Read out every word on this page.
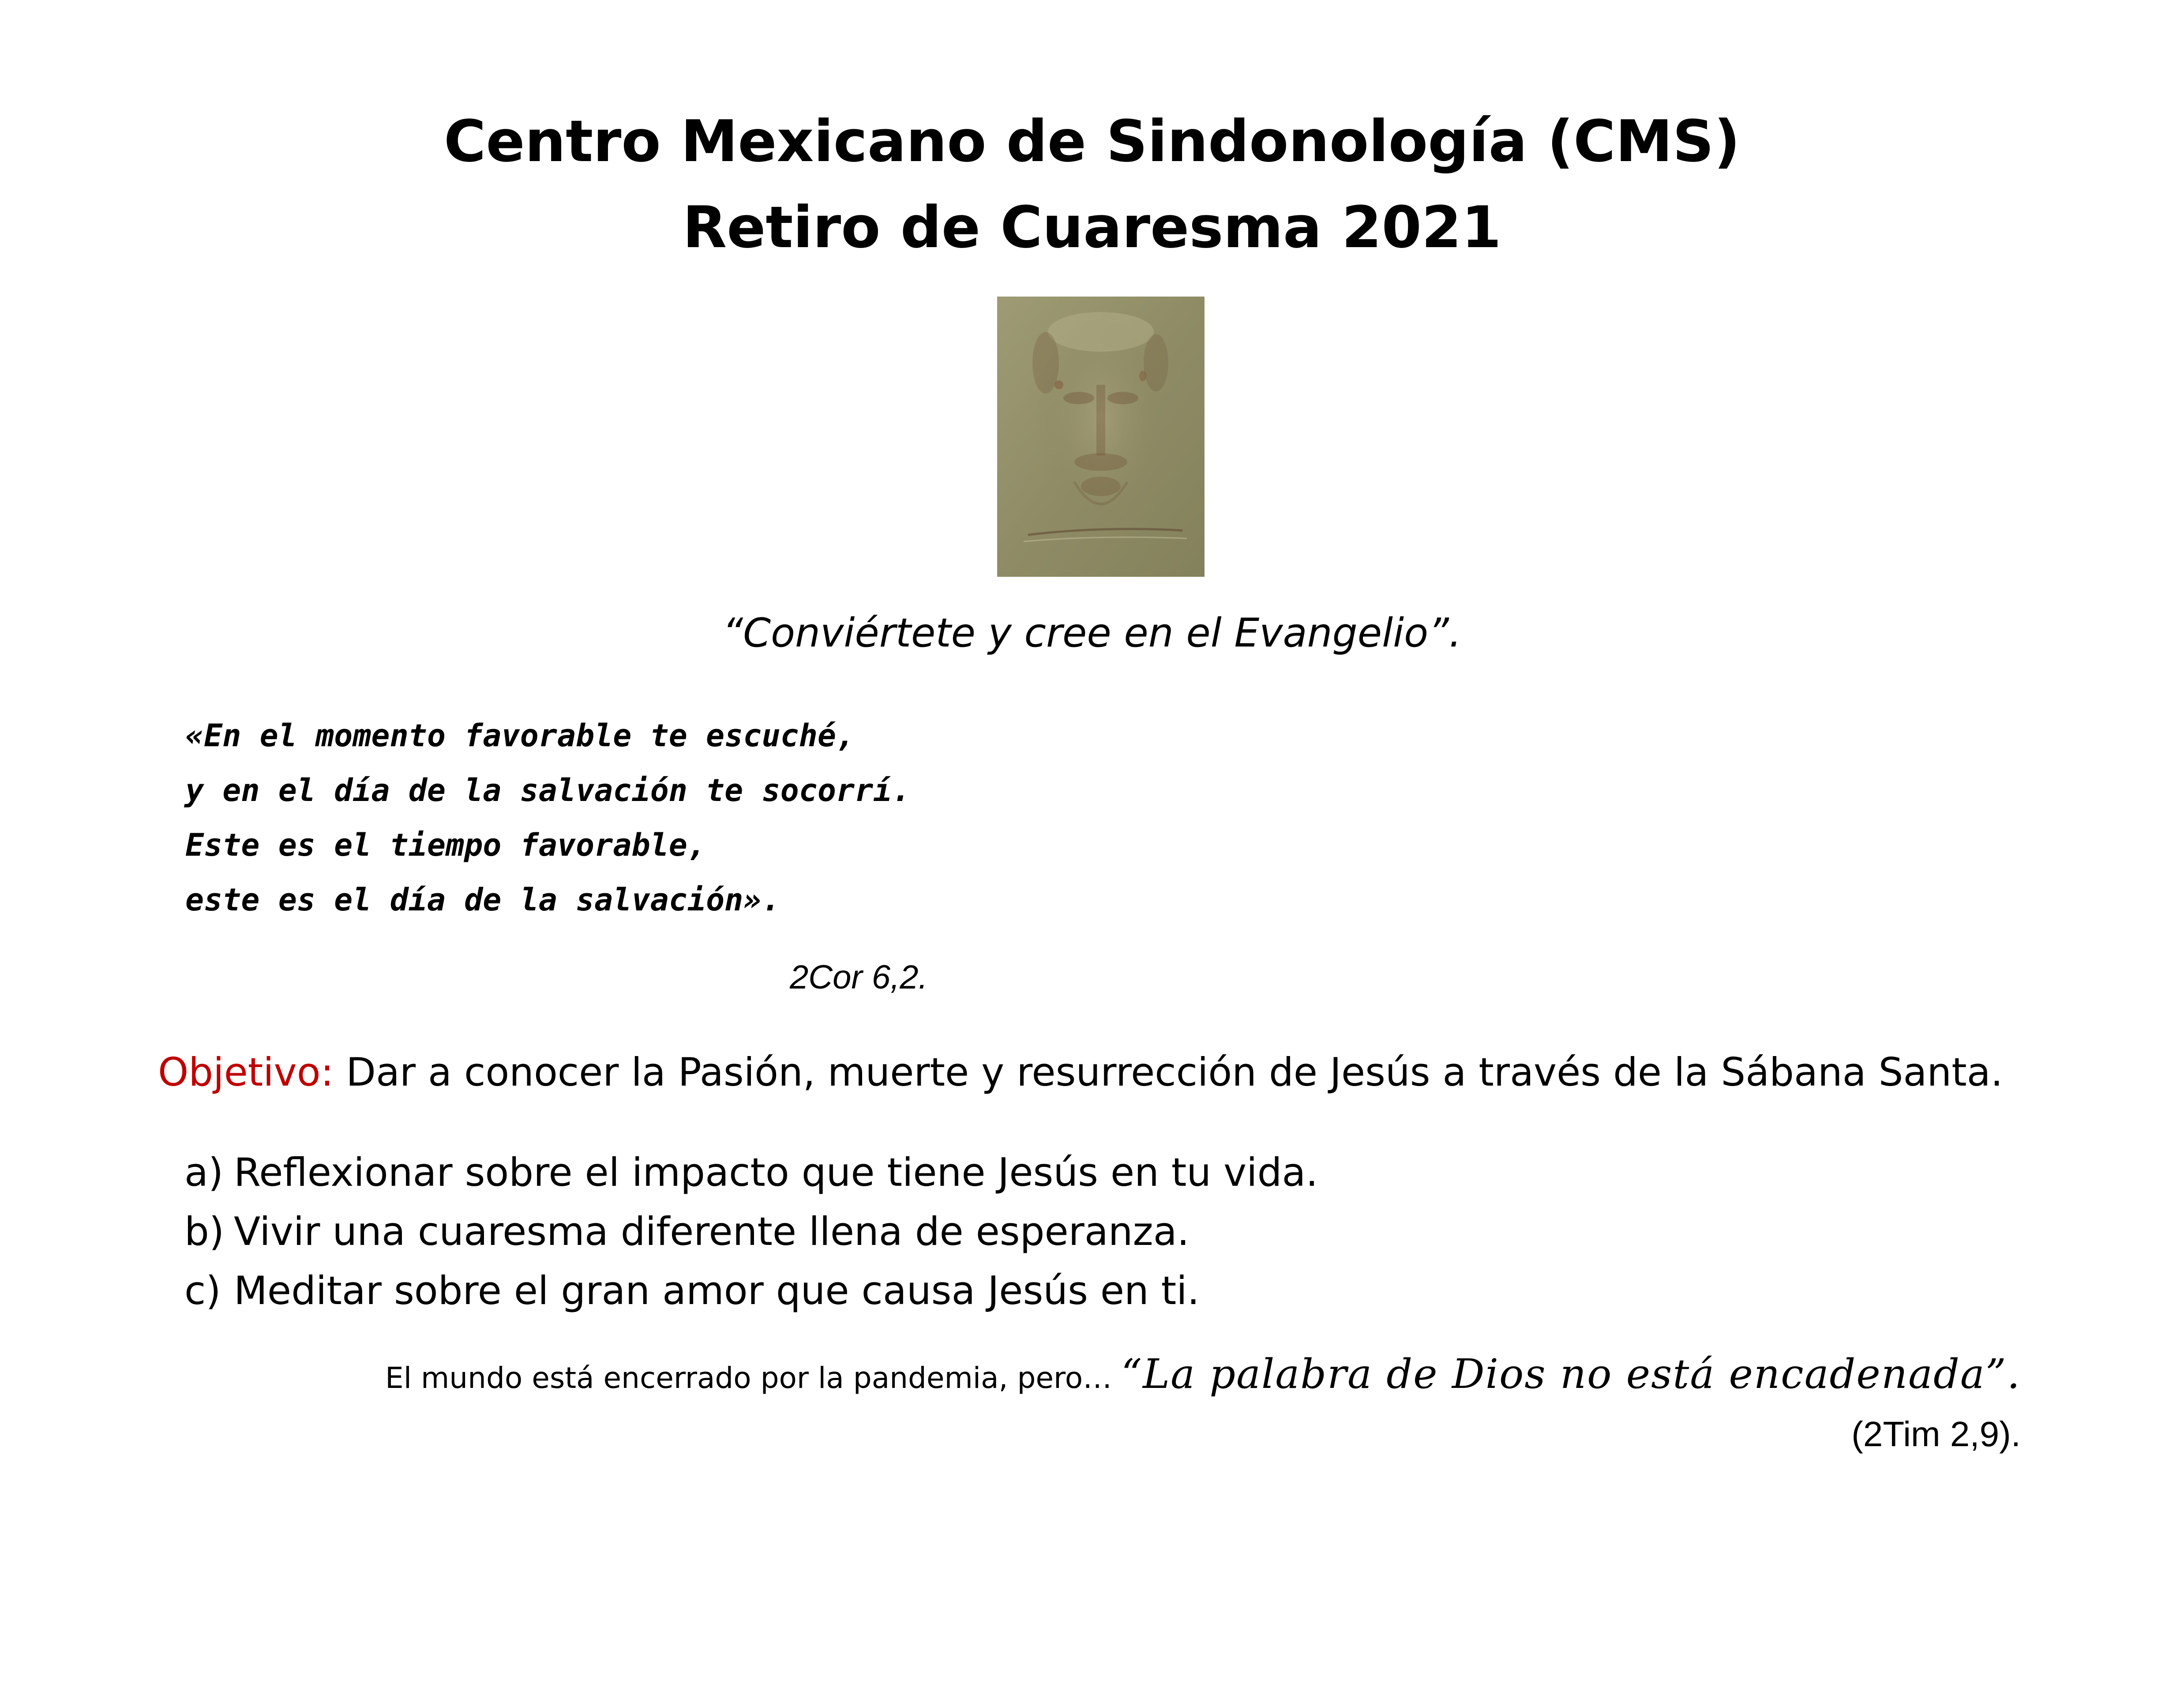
Centro Mexicano de Sindonología (CMS)
Retiro de Cuaresma 2021
“Conviértete y cree en el Evangelio”.
«En el momento favorable te escuché,
y en el día de la salvación te socorrí.
Este es el tiempo favorable,
este es el día de la salvación».
2Cor 6,2.
Objetivo: Dar a conocer la Pasión, muerte y resurrección de Jesús a través de la Sábana Santa.
a) Reflexionar sobre el impacto que tiene Jesús en tu vida.
b) Vivir una cuaresma diferente llena de esperanza.
c) Meditar sobre el gran amor que causa Jesús en ti.
El mundo está encerrado por la pandemia, pero… “La palabra de Dios no está encadenada”.
(2Tim 2,9).
